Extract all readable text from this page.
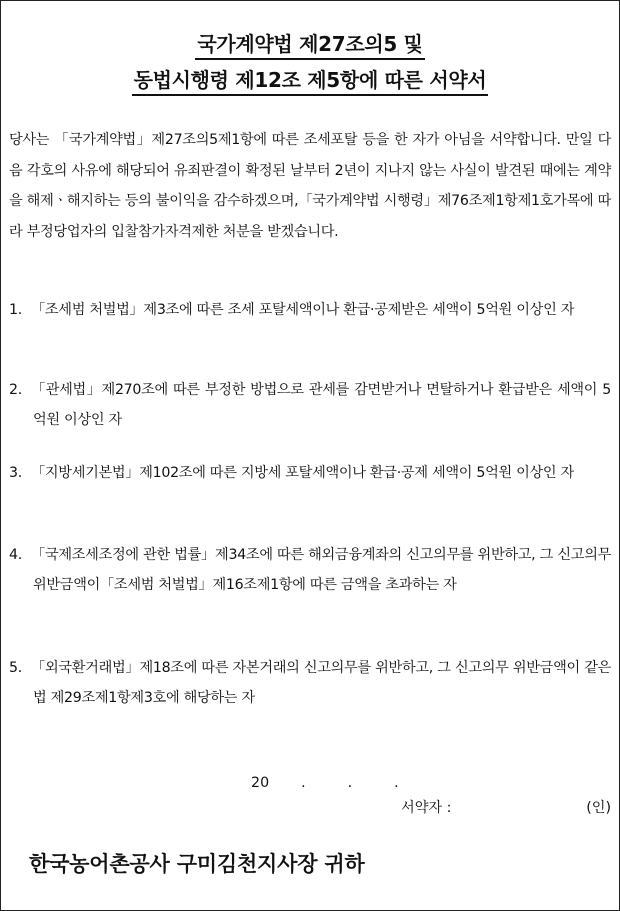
국가계약법 제27조의5 및
동법시행령 제12조 제5항에 따른 서약서
당사는 「국가계약법」제27조의5제1항에 따른 조세포탈 등을 한 자가 아님을 서약합니다. 만일 다음 각호의 사유에 해당되어 유죄판결이 확정된 날부터 2년이 지나지 않는 사실이 발견된 때에는 계약을 해제ㆍ해지하는 등의 불이익을 감수하겠으며,「국가계약법 시행령」제76조제1항제1호가목에 따라 부정당업자의 입찰참가자격제한 처분을 받겠습니다.
1. 「조세범 처벌법」제3조에 따른 조세 포탈세액이나 환급·공제받은 세액이 5억원 이상인 자
2. 「관세법」제270조에 따른 부정한 방법으로 관세를 감면받거나 면탈하거나 환급받은 세액이 5억원 이상인 자
3. 「지방세기본법」제102조에 따른 지방세 포탈세액이나 환급·공제 세액이 5억원 이상인 자
4. 「국제조세조정에 관한 법률」제34조에 따른 해외금융계좌의 신고의무를 위반하고, 그 신고의무 위반금액이「조세범 처벌법」제16조제1항에 따른 금액을 초과하는 자
5. 「외국환거래법」제18조에 따른 자본거래의 신고의무를 위반하고, 그 신고의무 위반금액이 같은 법 제29조제1항제3호에 해당하는 자

20 .	.	.

서약자 :	(인)
한국농어촌공사 구미김천지사장 귀하
